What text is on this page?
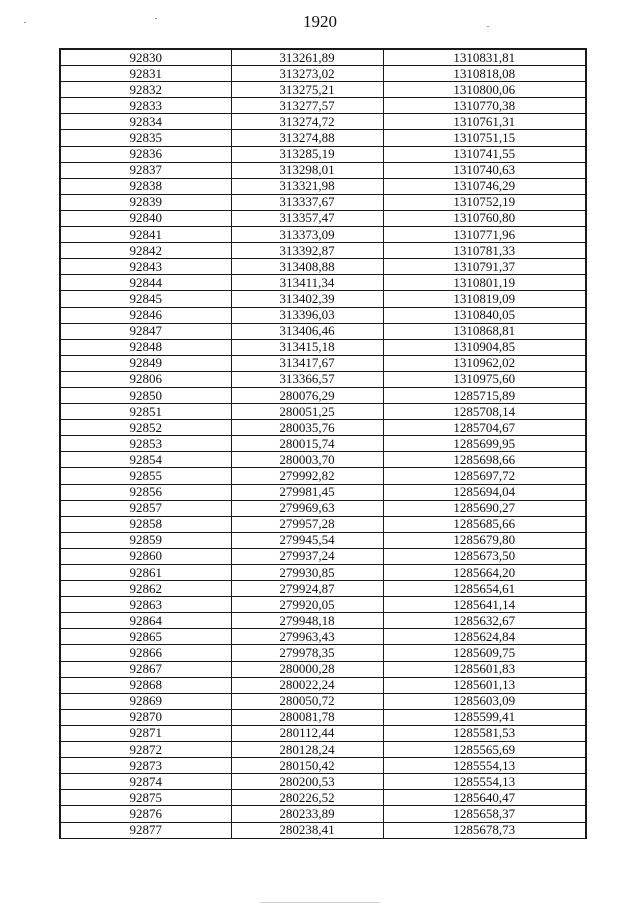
1920
92830	313261,89	1310831,81
92831	313273,02	1310818,08
92832	313275,21	1310800,06
92833	313277,57	1310770,38
92834	313274,72	1310761,31
92835	313274,88	1310751,15
92836	313285,19	1310741,55
92837	313298,01	1310740,63
92838	313321,98	1310746,29
92839	313337,67	1310752,19
92840	313357,47	1310760,80
92841	313373,09	1310771,96
92842	313392,87	1310781,33
92843	313408,88	1310791,37
92844	313411,34	1310801,19
92845	313402,39	1310819,09
92846	313396,03	1310840,05
92847	313406,46	1310868,81
92848	313415,18	1310904,85
92849	313417,67	1310962,02
92806	313366,57	1310975,60
92850	280076,29	1285715,89
92851	280051,25	1285708,14
92852	280035,76	1285704,67
92853	280015,74	1285699,95
92854	280003,70	1285698,66
92855	279992,82	1285697,72
92856	279981,45	1285694,04
92857	279969,63	1285690,27
92858	279957,28	1285685,66
92859	279945,54	1285679,80
92860	279937,24	1285673,50
92861	279930,85	1285664,20
92862	279924,87	1285654,61
92863	279920,05	1285641,14
92864	279948,18	1285632,67
92865	279963,43	1285624,84
92866	279978,35	1285609,75
92867	280000,28	1285601,83
92868	280022,24	1285601,13
92869	280050,72	1285603,09
92870	280081,78	1285599,41
92871	280112,44	1285581,53
92872	280128,24	1285565,69
92873	280150,42	1285554,13
92874	280200,53	1285554,13
92875	280226,52	1285640,47
92876	280233,89	1285658,37
92877	280238,41	1285678,73
